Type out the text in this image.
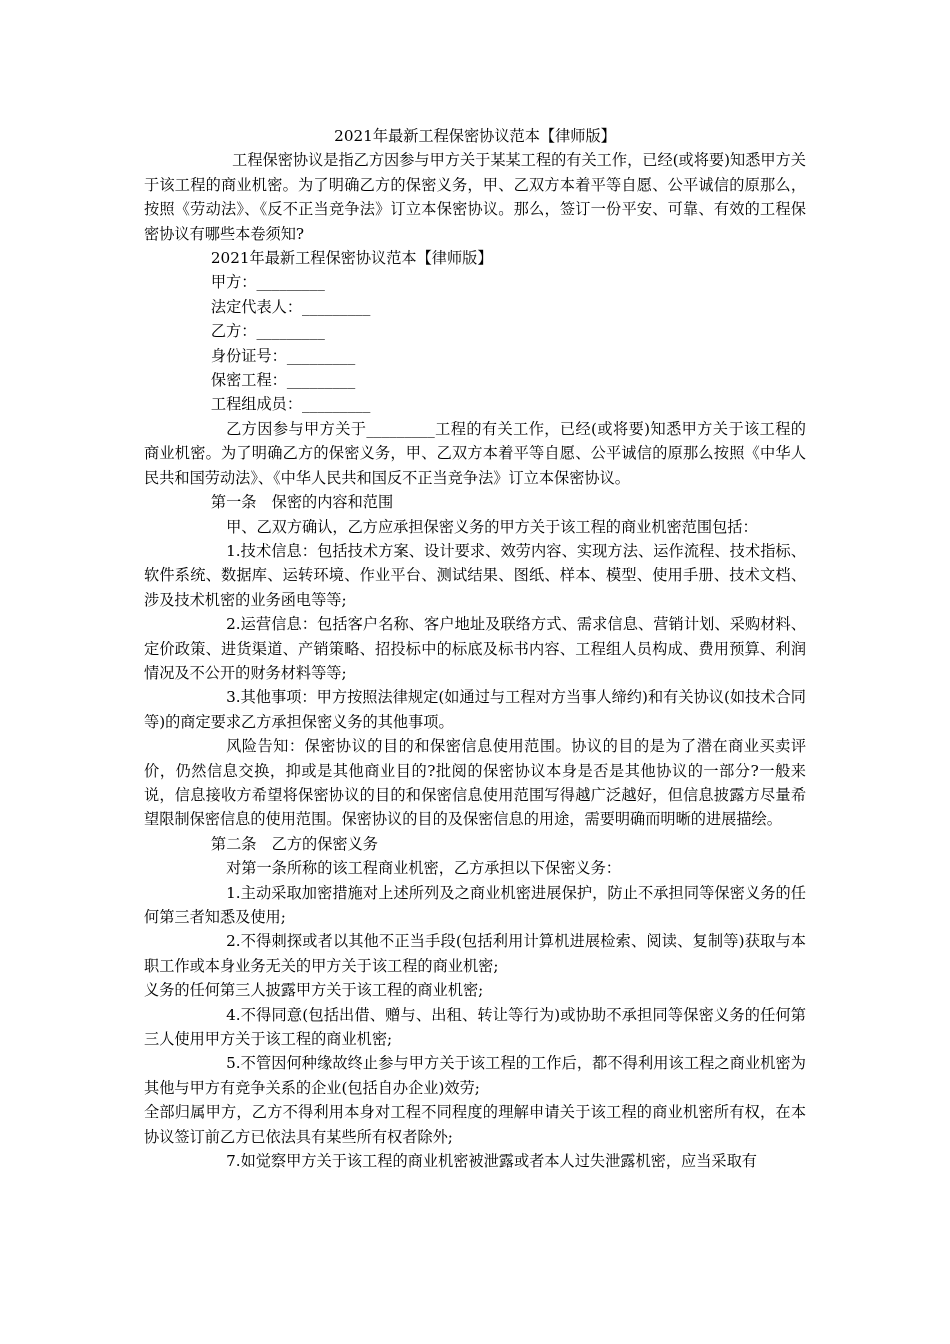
2021年最新工程保密协议范本【律师版】

工程保密协议是指乙方因参与甲方关于某某工程的有关工作，已经(或将要)知悉甲方关于该工程的商业机密。为了明确乙方的保密义务，甲、乙双方本着平等自愿、公平诚信的原那么，按照《劳动法》、《反不正当竞争法》订立本保密协议。那么，签订一份平安、可靠、有效的工程保密协议有哪些本卷须知?

2021年最新工程保密协议范本【律师版】

甲方：_________

法定代表人：_________

乙方：_________

身份证号：_________

保密工程：_________

工程组成员：_________

乙方因参与甲方关于_________工程的有关工作，已经(或将要)知悉甲方关于该工程的商业机密。为了明确乙方的保密义务，甲、乙双方本着平等自愿、公平诚信的原那么按照《中华人民共和国劳动法》、《中华人民共和国反不正当竞争法》订立本保密协议。

第一条　保密的内容和范围

甲、乙双方确认，乙方应承担保密义务的甲方关于该工程的商业机密范围包括：

1.技术信息：包括技术方案、设计要求、效劳内容、实现方法、运作流程、技术指标、软件系统、数据库、运转环境、作业平台、测试结果、图纸、样本、模型、使用手册、技术文档、涉及技术机密的业务函电等等;

2.运营信息：包括客户名称、客户地址及联络方式、需求信息、营销计划、采购材料、定价政策、进货渠道、产销策略、招投标中的标底及标书内容、工程组人员构成、费用预算、利润情况及不公开的财务材料等等;

3.其他事项：甲方按照法律规定(如通过与工程对方当事人缔约)和有关协议(如技术合同等)的商定要求乙方承担保密义务的其他事项。

风险告知：保密协议的目的和保密信息使用范围。协议的目的是为了潜在商业买卖评价，仍然信息交换，抑或是其他商业目的?批阅的保密协议本身是否是其他协议的一部分?一般来说，信息接收方希望将保密协议的目的和保密信息使用范围写得越广泛越好，但信息披露方尽量希望限制保密信息的使用范围。保密协议的目的及保密信息的用途，需要明确而明晰的进展描绘。

第二条　乙方的保密义务

对第一条所称的该工程商业机密，乙方承担以下保密义务：

1.主动采取加密措施对上述所列及之商业机密进展保护，防止不承担同等保密义务的任何第三者知悉及使用;

2.不得刺探或者以其他不正当手段(包括利用计算机进展检索、阅读、复制等)获取与本职工作或本身业务无关的甲方关于该工程的商业机密;

义务的任何第三人披露甲方关于该工程的商业机密;

4.不得同意(包括出借、赠与、出租、转让等行为)或协助不承担同等保密义务的任何第三人使用甲方关于该工程的商业机密;

5.不管因何种缘故终止参与甲方关于该工程的工作后，都不得利用该工程之商业机密为其他与甲方有竞争关系的企业(包括自办企业)效劳;

全部归属甲方，乙方不得利用本身对工程不同程度的理解申请关于该工程的商业机密所有权，在本协议签订前乙方已依法具有某些所有权者除外;

7.如觉察甲方关于该工程的商业机密被泄露或者本人过失泄露机密，应当采取有
